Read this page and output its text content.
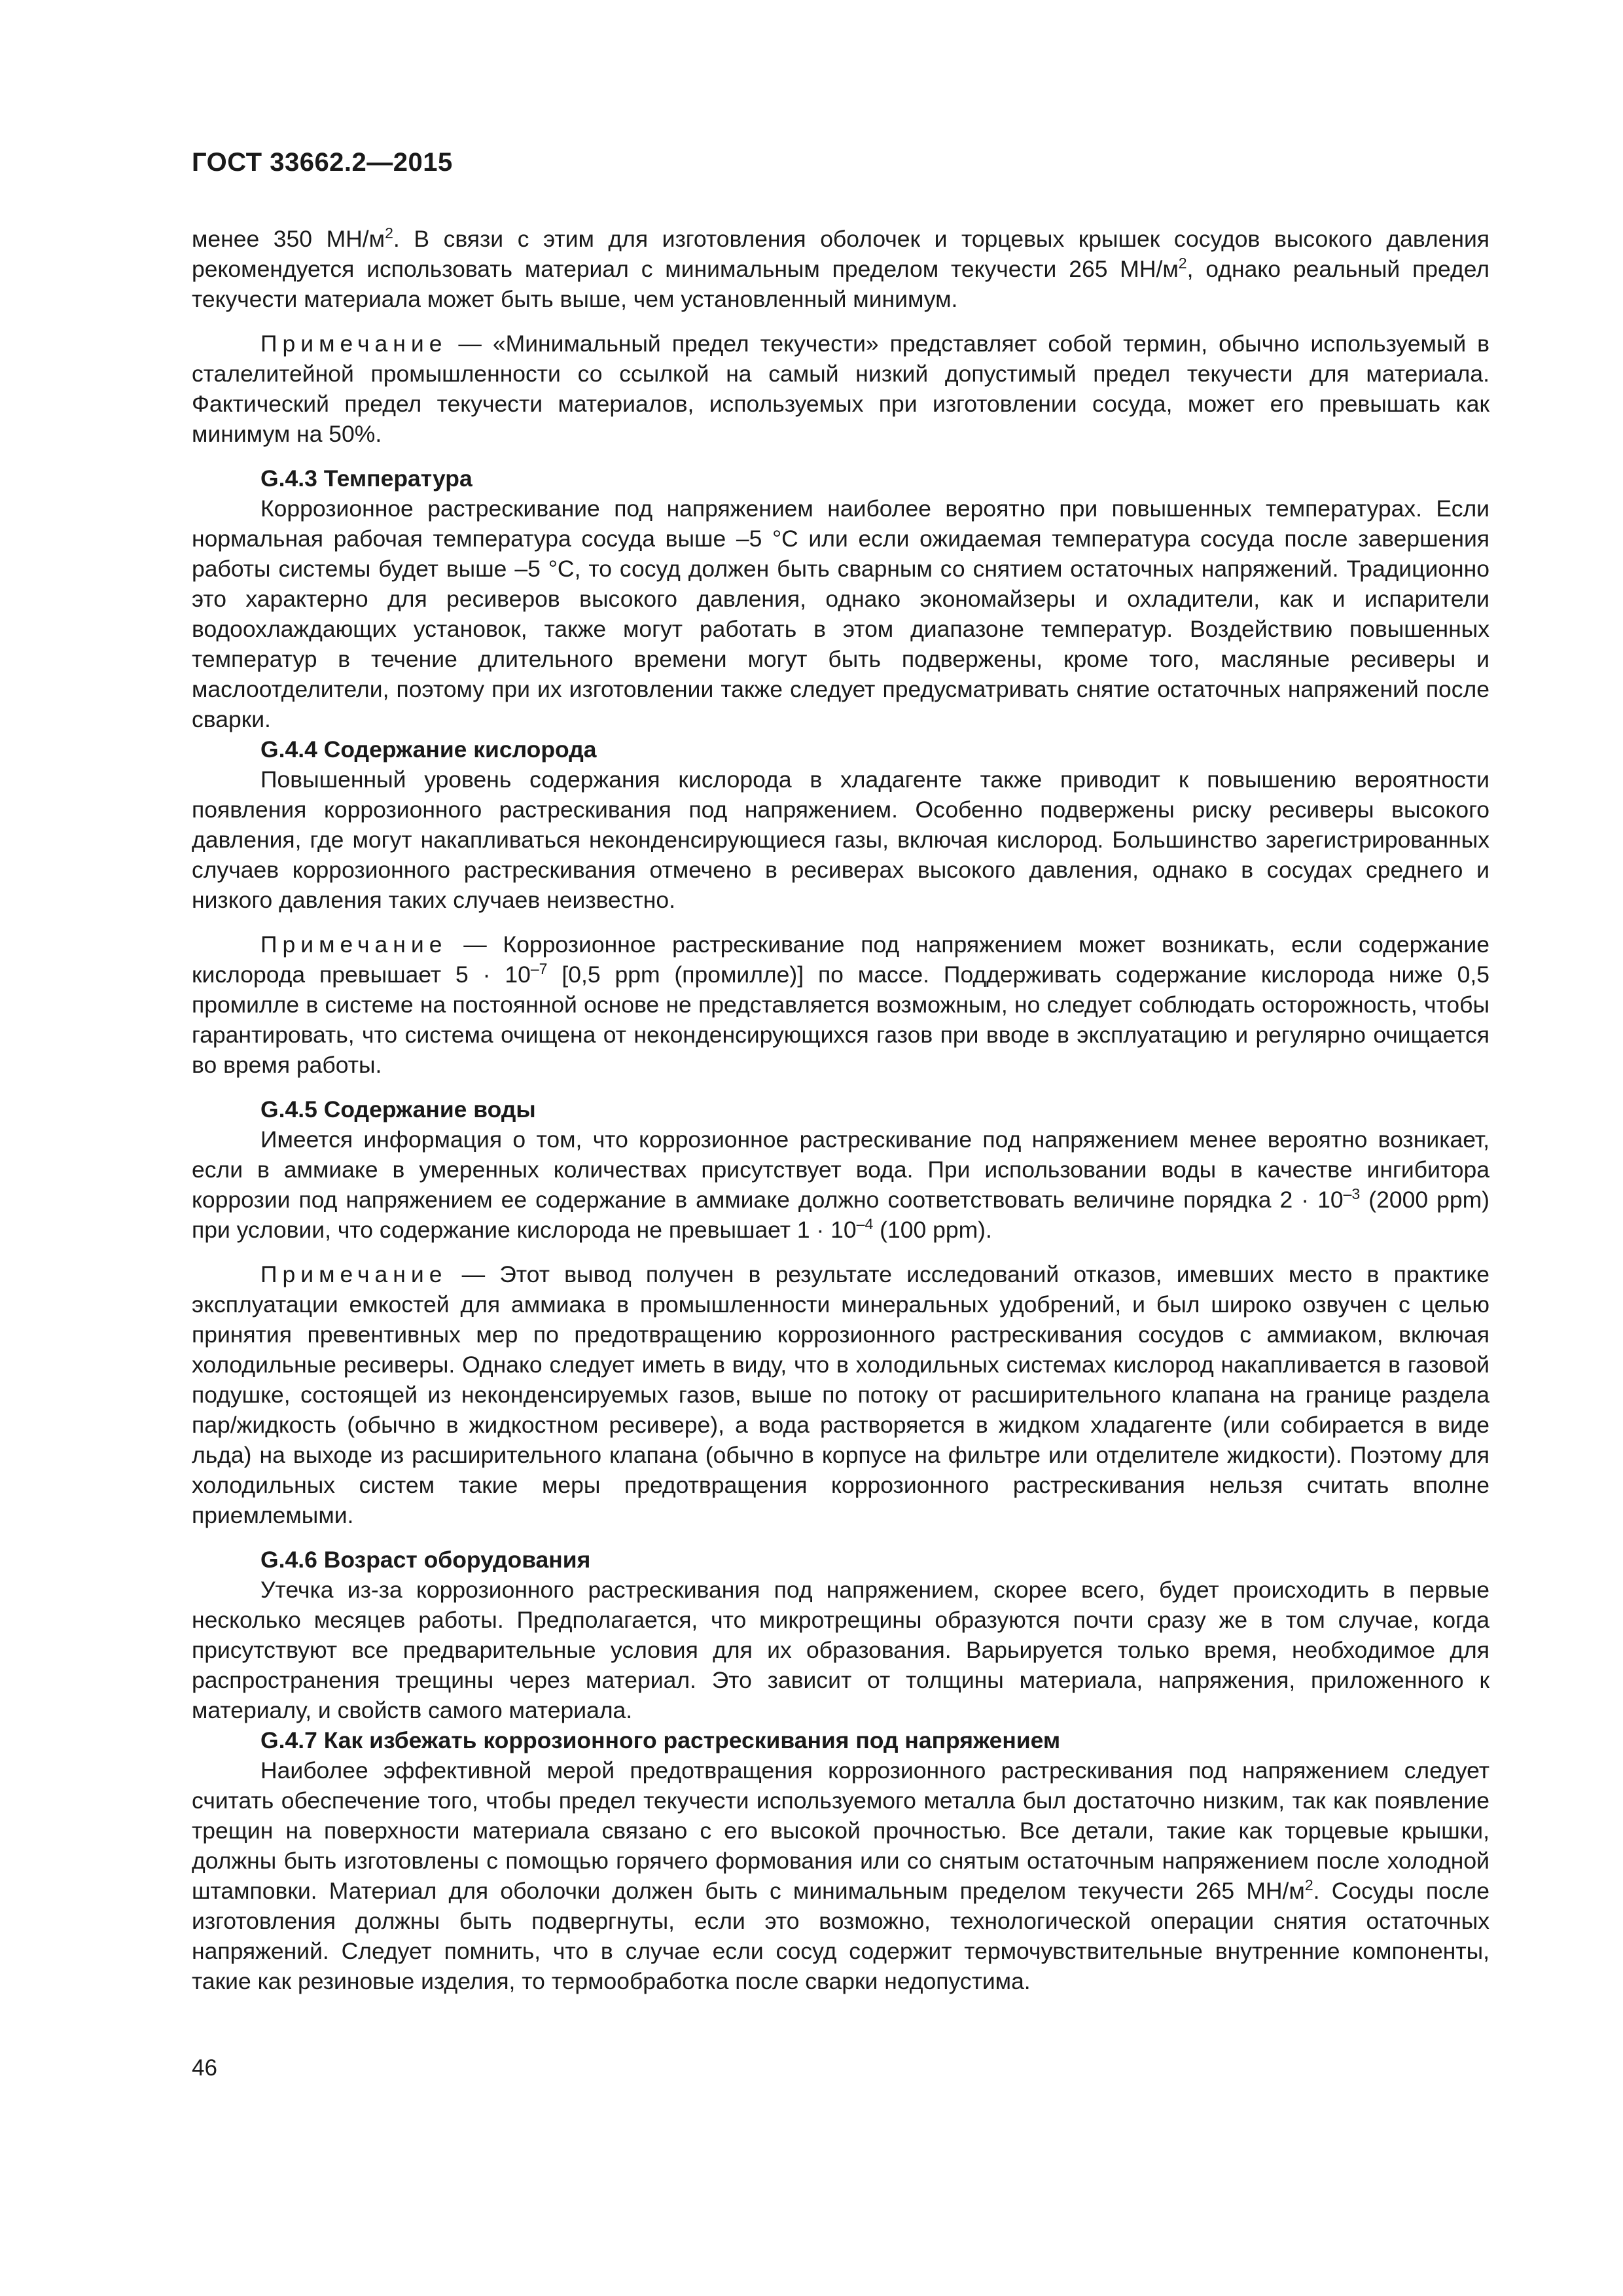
ГОСТ 33662.2—2015

менее 350 $МН/м^2$. В связи с этим для изготовления оболочек и торцевых крышек сосудов высокого давления рекомендуется использовать материал с минимальным пределом текучести 265 $МН/м^2$, однако реальный предел текучести материала может быть выше, чем установленный минимум.

Примечание — «Минимальный предел текучести» представляет собой термин, обычно используемый в сталелитейной промышленности со ссылкой на самый низкий допустимый предел текучести для материала. Фактический предел текучести материалов, используемых при изготовлении сосуда, может его превышать как минимум на 50%.

G.4.3 Температура

Коррозионное растрескивание под напряжением наиболее вероятно при повышенных температурах. Если нормальная рабочая температура сосуда выше –5 °С или если ожидаемая температура сосуда после завершения работы системы будет выше –5 °С, то сосуд должен быть сварным со снятием остаточных напряжений. Традиционно это характерно для ресиверов высокого давления, однако экономайзеры и охладители, как и испарители водоохлаждающих установок, также могут работать в этом диапазоне температур. Воздействию повышенных температур в течение длительного времени могут быть подвержены, кроме того, масляные ресиверы и маслоотделители, поэтому при их изготовлении также следует предусматривать снятие остаточных напряжений после сварки.

G.4.4 Содержание кислорода

Повышенный уровень содержания кислорода в хладагенте также приводит к повышению вероятности появления коррозионного растрескивания под напряжением. Особенно подвержены риску ресиверы высокого давления, где могут накапливаться неконденсирующиеся газы, включая кислород. Большинство зарегистрированных случаев коррозионного растрескивания отмечено в ресиверах высокого давления, однако в сосудах среднего и низкого давления таких случаев неизвестно.

Примечание — Коррозионное растрескивание под напряжением может возникать, если содержание кислорода превышает $5 \cdot 10^{-7}$ [0,5 ppm (промилле)] по массе. Поддерживать содержание кислорода ниже 0,5 промилле в системе на постоянной основе не представляется возможным, но следует соблюдать осторожность, чтобы гарантировать, что система очищена от неконденсирующихся газов при вводе в эксплуатацию и регулярно очищается во время работы.

G.4.5 Содержание воды

Имеется информация о том, что коррозионное растрескивание под напряжением менее вероятно возникает, если в аммиаке в умеренных количествах присутствует вода. При использовании воды в качестве ингибитора коррозии под напряжением ее содержание в аммиаке должно соответствовать величине порядка $2 \cdot 10^{-3}$ (2000 ppm) при условии, что содержание кислорода не превышает $1 \cdot 10^{-4}$ (100 ppm).

Примечание — Этот вывод получен в результате исследований отказов, имевших место в практике эксплуатации емкостей для аммиака в промышленности минеральных удобрений, и был широко озвучен с целью принятия превентивных мер по предотвращению коррозионного растрескивания сосудов с аммиаком, включая холодильные ресиверы. Однако следует иметь в виду, что в холодильных системах кислород накапливается в газовой подушке, состоящей из неконденсируемых газов, выше по потоку от расширительного клапана на границе раздела пар/жидкость (обычно в жидкостном ресивере), а вода растворяется в жидком хладагенте (или собирается в виде льда) на выходе из расширительного клапана (обычно в корпусе на фильтре или отделителе жидкости). Поэтому для холодильных систем такие меры предотвращения коррозионного растрескивания нельзя считать вполне приемлемыми.

G.4.6 Возраст оборудования

Утечка из-за коррозионного растрескивания под напряжением, скорее всего, будет происходить в первые несколько месяцев работы. Предполагается, что микротрещины образуются почти сразу же в том случае, когда присутствуют все предварительные условия для их образования. Варьируется только время, необходимое для распространения трещины через материал. Это зависит от толщины материала, напряжения, приложенного к материалу, и свойств самого материала.

G.4.7 Как избежать коррозионного растрескивания под напряжением

Наиболее эффективной мерой предотвращения коррозионного растрескивания под напряжением следует считать обеспечение того, чтобы предел текучести используемого металла был достаточно низким, так как появление трещин на поверхности материала связано с его высокой прочностью. Все детали, такие как торцевые крышки, должны быть изготовлены с помощью горячего формования или со снятым остаточным напряжением после холодной штамповки. Материал для оболочки должен быть с минимальным пределом текучести 265 $МН/м^2$. Сосуды после изготовления должны быть подвергнуты, если это возможно, технологической операции снятия остаточных напряжений. Следует помнить, что в случае если сосуд содержит термочувствительные внутренние компоненты, такие как резиновые изделия, то термообработка после сварки недопустима.

46
